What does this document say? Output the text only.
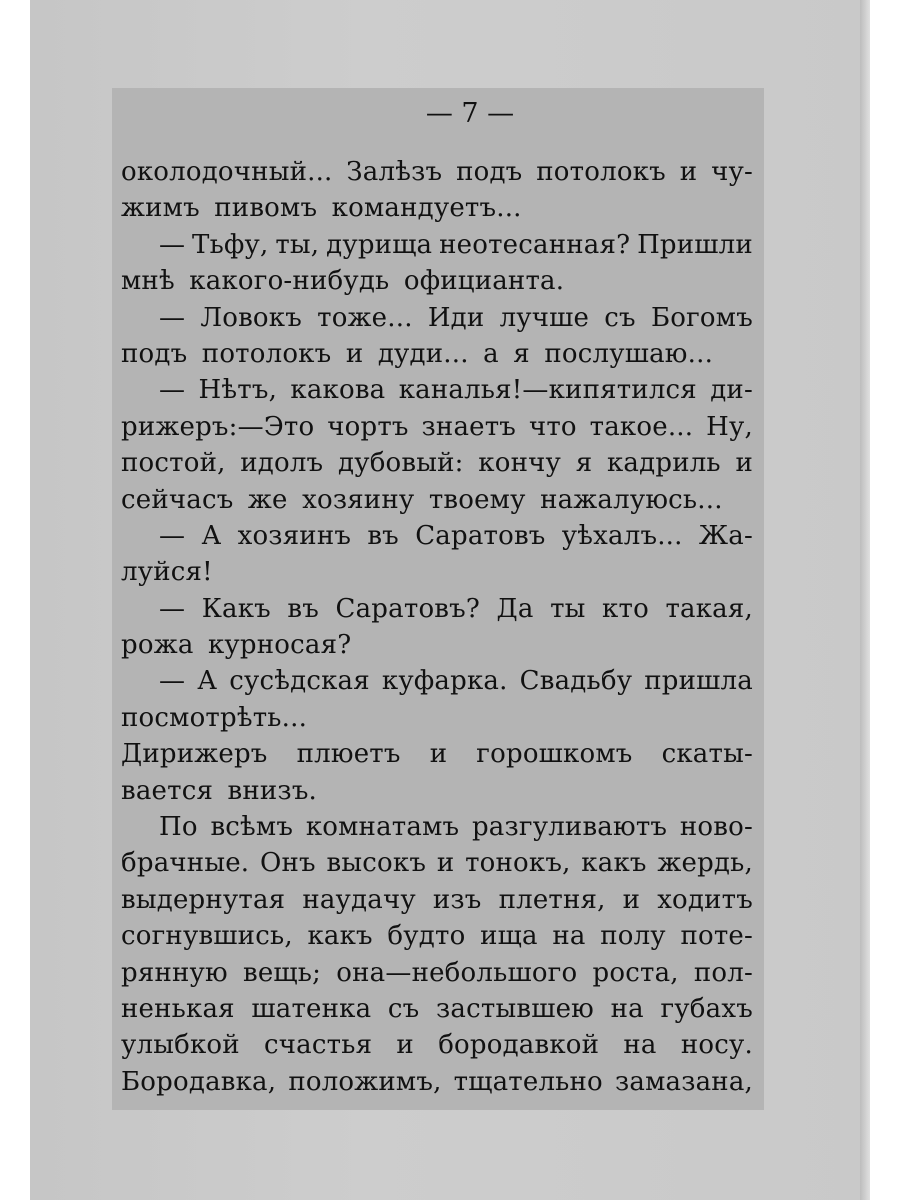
— 7 —
околодочный... Залѣзъ подъ потолокъ и чу-
жимъ пивомъ командуетъ...
— Тьфу, ты, дурища неотесанная? Пришли
мнѣ какого-нибудь официанта.
— Ловокъ тоже... Иди лучше съ Богомъ
подъ потолокъ и дуди... а я послушаю...
— Нѣтъ, какова каналья!—кипятился ди-
рижеръ:—Это чортъ знаетъ что такое... Ну,
постой, идолъ дубовый: кончу я кадриль и
сейчасъ же хозяину твоему нажалуюсь...
— А хозяинъ въ Саратовъ уѣхалъ... Жа-
луйся!
— Какъ въ Саратовъ? Да ты кто такая,
рожа курносая?
— А сусѣдская куфарка. Свадьбу пришла
посмотрѣть...
Дирижеръ плюетъ и горошкомъ скаты-
вается внизъ.
По всѣмъ комнатамъ разгуливаютъ ново-
брачные. Онъ высокъ и тонокъ, какъ жердь,
выдернутая наудачу изъ плетня, и ходитъ
согнувшись, какъ будто ища на полу поте-
рянную вещь; она—небольшого роста, пол-
ненькая шатенка съ застывшею на губахъ
улыбкой счастья и бородавкой на носу.
Бородавка, положимъ, тщательно замазана,
